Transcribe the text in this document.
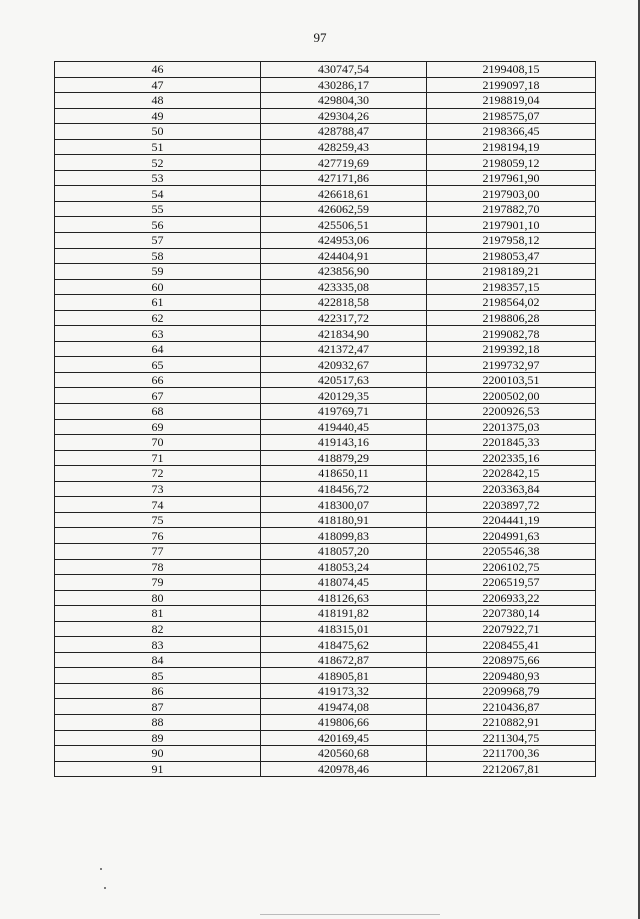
97
46	430747,54	2199408,15
47	430286,17	2199097,18
48	429804,30	2198819,04
49	429304,26	2198575,07
50	428788,47	2198366,45
51	428259,43	2198194,19
52	427719,69	2198059,12
53	427171,86	2197961,90
54	426618,61	2197903,00
55	426062,59	2197882,70
56	425506,51	2197901,10
57	424953,06	2197958,12
58	424404,91	2198053,47
59	423856,90	2198189,21
60	423335,08	2198357,15
61	422818,58	2198564,02
62	422317,72	2198806,28
63	421834,90	2199082,78
64	421372,47	2199392,18
65	420932,67	2199732,97
66	420517,63	2200103,51
67	420129,35	2200502,00
68	419769,71	2200926,53
69	419440,45	2201375,03
70	419143,16	2201845,33
71	418879,29	2202335,16
72	418650,11	2202842,15
73	418456,72	2203363,84
74	418300,07	2203897,72
75	418180,91	2204441,19
76	418099,83	2204991,63
77	418057,20	2205546,38
78	418053,24	2206102,75
79	418074,45	2206519,57
80	418126,63	2206933,22
81	418191,82	2207380,14
82	418315,01	2207922,71
83	418475,62	2208455,41
84	418672,87	2208975,66
85	418905,81	2209480,93
86	419173,32	2209968,79
87	419474,08	2210436,87
88	419806,66	2210882,91
89	420169,45	2211304,75
90	420560,68	2211700,36
91	420978,46	2212067,81
